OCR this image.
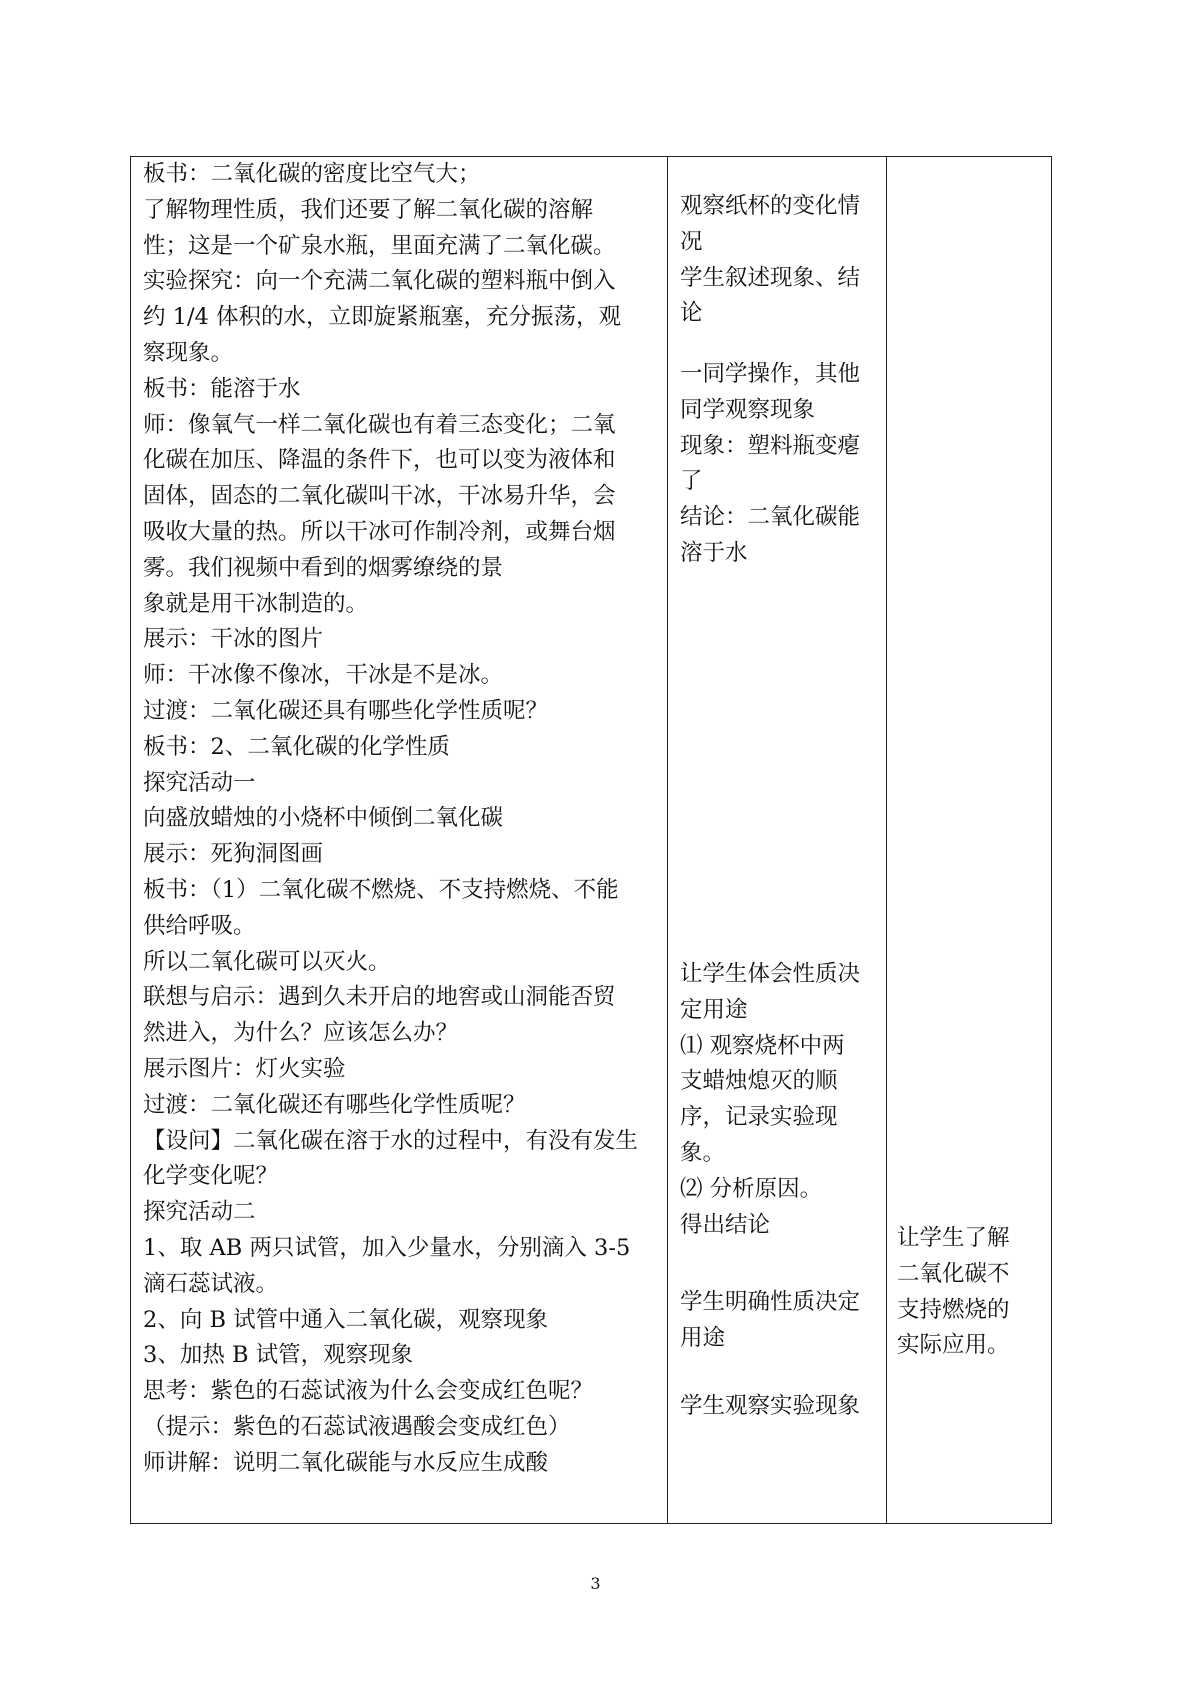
板书：二氧化碳的密度比空气大；
了解物理性质，我们还要了解二氧化碳的溶解
性；这是一个矿泉水瓶，里面充满了二氧化碳。
实验探究：向一个充满二氧化碳的塑料瓶中倒入
约 1/4 体积的水，立即旋紧瓶塞，充分振荡，观
察现象。
板书：能溶于水
师：像氧气一样二氧化碳也有着三态变化；二氧
化碳在加压、降温的条件下，也可以变为液体和
固体，固态的二氧化碳叫干冰，干冰易升华，会
吸收大量的热。所以干冰可作制冷剂，或舞台烟
雾。我们视频中看到的烟雾缭绕的景
象就是用干冰制造的。
展示：干冰的图片
师：干冰像不像冰，干冰是不是冰。
过渡：二氧化碳还具有哪些化学性质呢？
板书：2、二氧化碳的化学性质
探究活动一
向盛放蜡烛的小烧杯中倾倒二氧化碳
展示：死狗洞图画
板书：（1）二氧化碳不燃烧、不支持燃烧、不能
供给呼吸。
所以二氧化碳可以灭火。
联想与启示：遇到久未开启的地窖或山洞能否贸
然进入，为什么？应该怎么办？
展示图片：灯火实验
过渡：二氧化碳还有哪些化学性质呢？
【设问】二氧化碳在溶于水的过程中，有没有发生
化学变化呢？
探究活动二
1、取 AB 两只试管，加入少量水，分别滴入 3-5
滴石蕊试液。
2、向 B 试管中通入二氧化碳，观察现象
3、加热 B 试管，观察现象
思考：紫色的石蕊试液为什么会变成红色呢？
（提示：紫色的石蕊试液遇酸会变成红色）
师讲解：说明二氧化碳能与水反应生成酸

观察纸杯的变化情
况
学生叙述现象、结
论
一同学操作，其他
同学观察现象
现象：塑料瓶变瘪
了
结论：二氧化碳能
溶于水
让学生体会性质决
定用途
⑴ 观察烧杯中两
支蜡烛熄灭的顺
序，记录实验现
象。
⑵ 分析原因。
得出结论
学生明确性质决定
用途
学生观察实验现象

让学生了解
二氧化碳不
支持燃烧的
实际应用。
3
